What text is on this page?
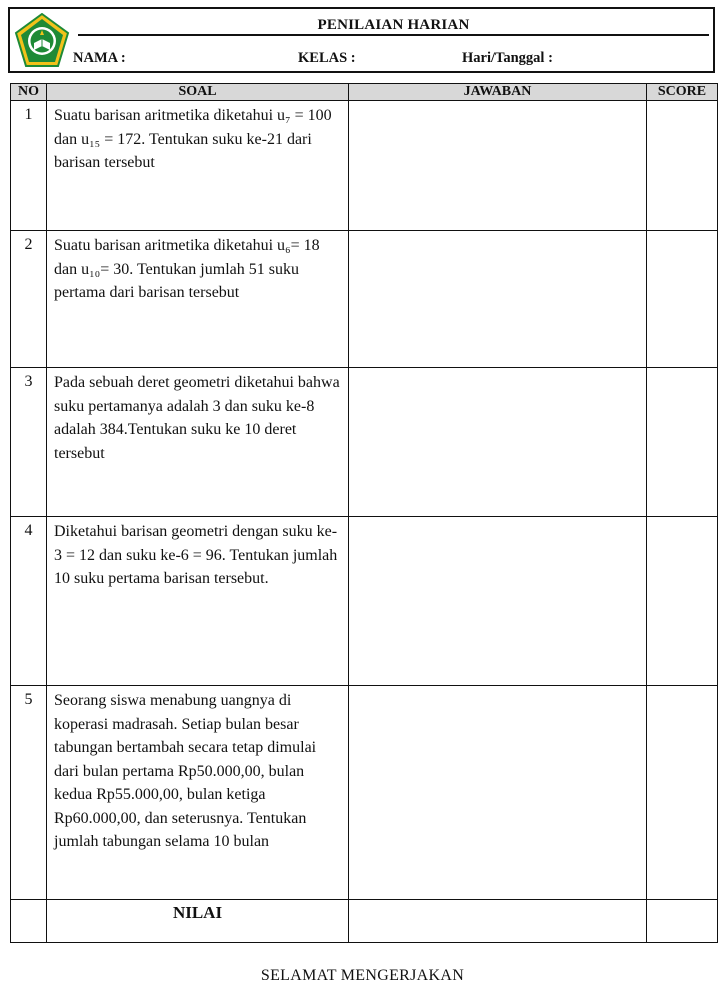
PENILAIAN HARIAN
NAMA :	KELAS :	Hari/Tanggal :
NO	SOAL	JAWABAN	SCORE
1	Suatu barisan aritmetika diketahui u₇ = 100 dan u₁₅ = 172. Tentukan suku ke-21 dari barisan tersebut		
2	Suatu barisan aritmetika diketahui u₆= 18 dan u₁₀= 30. Tentukan jumlah 51 suku pertama dari barisan tersebut		
3	Pada sebuah deret geometri diketahui bahwa suku pertamanya adalah 3 dan suku ke-8 adalah 384.Tentukan suku ke 10 deret tersebut		
4	Diketahui barisan geometri dengan suku ke-3 = 12 dan suku ke-6 = 96. Tentukan jumlah 10 suku pertama barisan tersebut.		
5	Seorang siswa menabung uangnya di koperasi madrasah. Setiap bulan besar tabungan bertambah secara tetap dimulai dari bulan pertama Rp50.000,00, bulan kedua Rp55.000,00, bulan ketiga Rp60.000,00, dan seterusnya. Tentukan jumlah tabungan selama 10 bulan		
	NILAI		
SELAMAT MENGERJAKAN
